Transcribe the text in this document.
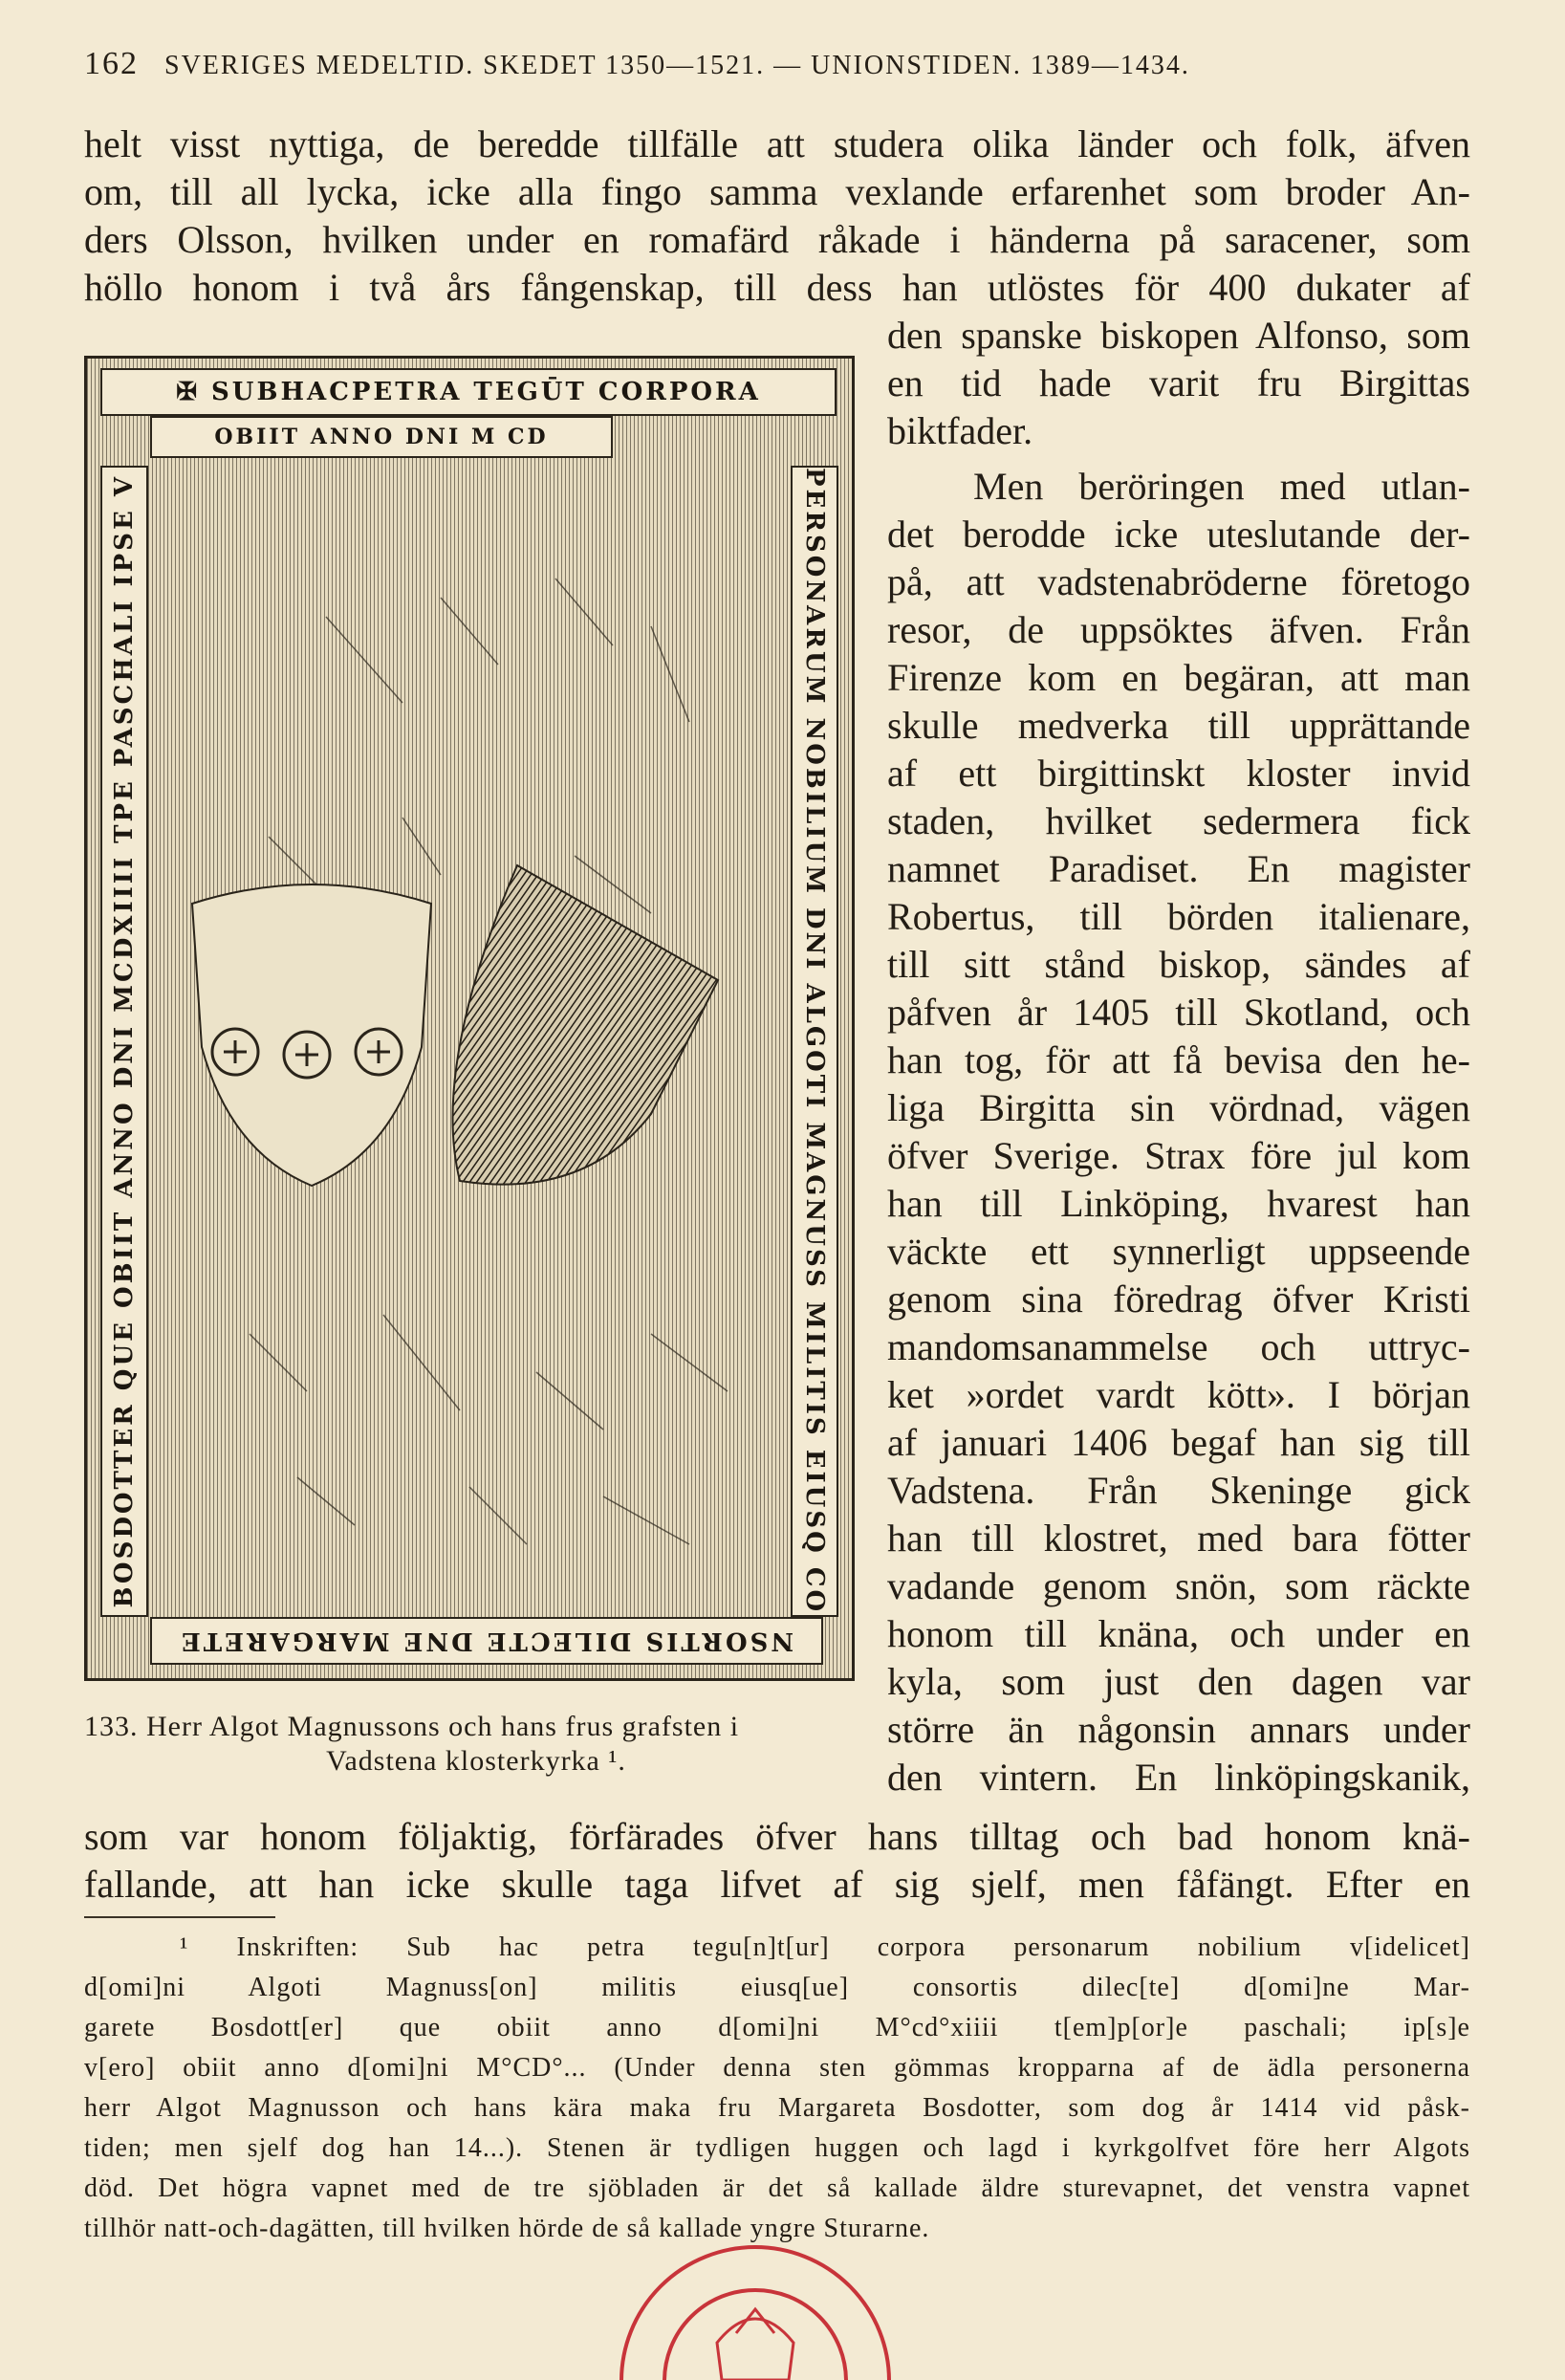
162 SVERIGES MEDELTID. SKEDET 1350—1521. — UNIONSTIDEN. 1389—1434.
helt visst nyttiga, de beredde tillfälle att studera olika länder och folk, äfven
om, till all lycka, icke alla fingo samma vexlande erfarenhet som broder An-
ders Olsson, hvilken under en romafärd råkade i händerna på saracener, som
höllo honom i två års fångenskap, till dess han utlöstes för 400 dukater af
den spanske biskopen Alfonso, som
en tid hade varit fru Birgittas
biktfader.
Men beröringen med utlan-
det berodde icke uteslutande der-
på, att vadstenabröderne företogo
resor, de uppsöktes äfven. Från
Firenze kom en begäran, att man
skulle medverka till upprättande
af ett birgittinskt kloster invid
staden, hvilket sedermera fick
namnet Paradiset. En magister
Robertus, till börden italienare,
till sitt stånd biskop, sändes af
påfven år 1405 till Skotland, och
han tog, för att få bevisa den he-
liga Birgitta sin vördnad, vägen
öfver Sverige. Strax före jul kom
han till Linköping, hvarest han
väckte ett synnerligt uppseende
genom sina föredrag öfver Kristi
mandomsanammelse och uttryc-
ket »ordet vardt kött». I början
af januari 1406 begaf han sig till
Vadstena. Från Skeninge gick
han till klostret, med bara fötter
vadande genom snön, som räckte
honom till knäna, och under en
kyla, som just den dagen var
större än någonsin annars under
den vintern. En linköpingskanik,
som var honom följaktig, förfärades öfver hans tilltag och bad honom knä-
fallande, att han icke skulle taga lifvet af sig sjelf, men fåfängt. Efter en
✠ SUBHACPETRA TEGŪT CORPORA
OBIIT ANNO DNI M CD
PERSONARUM NOBILIUM DNI ALGOTI MAGNUSS MILITIS EIUSQ CO
BOSDOTTER QUE OBIIT ANNO DNI MCDXIIII TPE PASCHALI IPSE V
NSORTIS DILECTE DNE MARGARETE
133. Herr Algot Magnussons och hans frus grafsten i
Vadstena klosterkyrka ¹.
¹ Inskriften: Sub hac petra tegu[n]t[ur] corpora personarum nobilium v[idelicet]
d[omi]ni Algoti Magnuss[on] militis eiusq[ue] consortis dilec[te] d[omi]ne Mar-
garete Bosdott[er] que obiit anno d[omi]ni M°cd°xiiii t[em]p[or]e paschali; ip[s]e
v[ero] obiit anno d[omi]ni M°CD°... (Under denna sten gömmas kropparna af de ädla personerna
herr Algot Magnusson och hans kära maka fru Margareta Bosdotter, som dog år 1414 vid påsk-
tiden; men sjelf dog han 14...). Stenen är tydligen huggen och lagd i kyrkgolfvet före herr Algots
död. Det högra vapnet med de tre sjöbladen är det så kallade äldre sturevapnet, det venstra vapnet
tillhör natt-och-dagätten, till hvilken hörde de så kallade yngre Sturarne.
